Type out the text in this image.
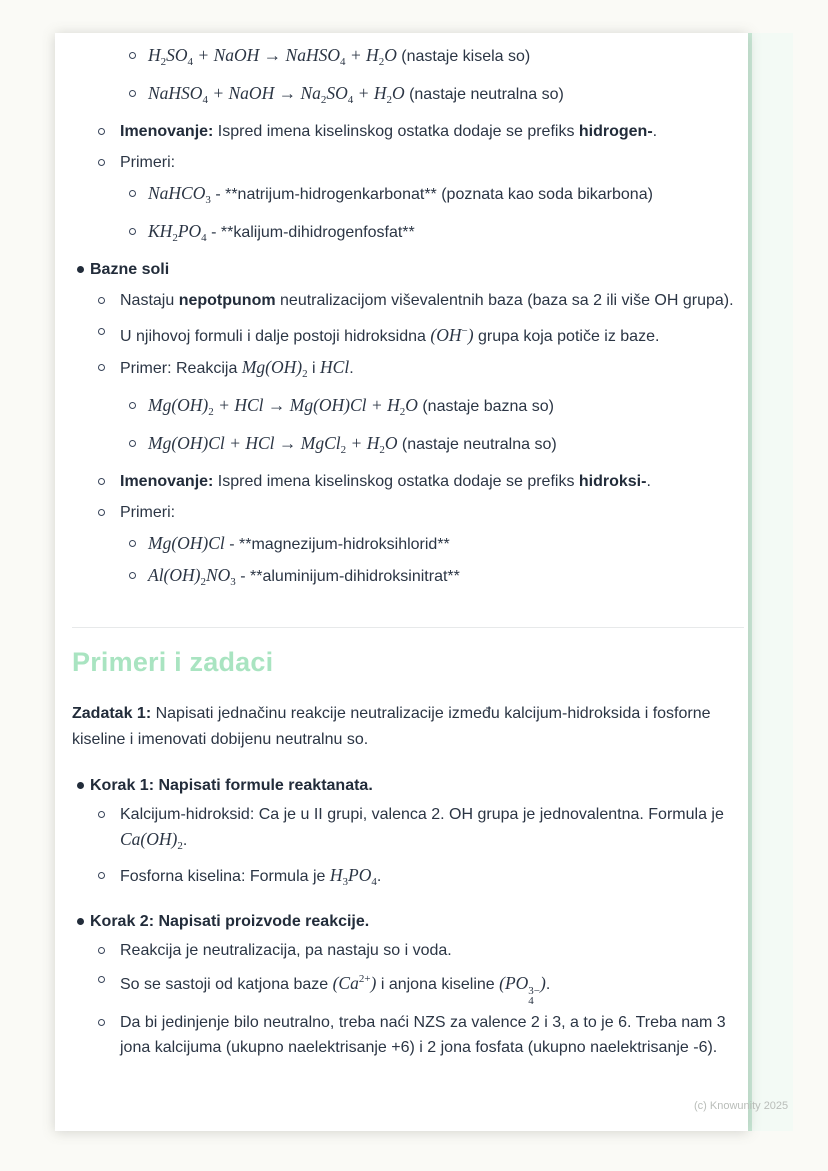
$H_2SO_4$ + NaOH → NaHSO$_4$ + $H_2O$ (nastaje kisela so)
NaHSO$_4$ + NaOH → $Na_2SO_4 + H_2O$ (nastaje neutralna so)
Imenovanje: Ispred imena kiselinskog ostatka dodaje se prefiks hidrogen-.
Primeri:
NaHCO$_3$ - **natrijum-hidrogenkarbonat** (poznata kao soda bikarbona)
$KH_2PO_4$ - **kalijum-dihidrogenfosfat**
Bazne soli
Nastaju nepotpunom neutralizacijom viševalentnih baza (baza sa 2 ili više OH grupa).
U njihovoj formuli i dalje postoji hidroksidna (OH−) grupa koja potiče iz baze.
Primer: Reakcija $Mg(OH)_2$ i HCl.
$Mg(OH)_2$ + HCl → $Mg(OH)Cl + H_2O$ (nastaje bazna so)
Mg(OH)Cl + HCl → MgCl$_2$ + $H_2O$ (nastaje neutralna so)
Imenovanje: Ispred imena kiselinskog ostatka dodaje se prefiks hidroksi-.
Primeri:
Mg(OH)Cl - **magnezijum-hidroksihlorid**
$Al(OH)_2NO_3$ - **aluminijum-dihidroksinitrat**
Primeri i zadaci

Zadatak 1: Napisati jednačinu reakcije neutralizacije između kalcijum-hidroksida i fosforne kiseline i imenovati dobijenu neutralnu so.

Korak 1: Napisati formule reaktanata.
Kalcijum-hidroksid: Ca je u II grupi, valenca 2. OH grupa je jednovalentna. Formula je $Ca(OH)_2$.
Fosforna kiselina: Formula je $H_3PO_4$.
Korak 2: Napisati proizvode reakcije.
Reakcija je neutralizacija, pa nastaju so i voda.
So se sastoji od katjona baze $(Ca^{2+})$ i anjona kiseline (PO 3−
4
).
Da bi jedinjenje bilo neutralno, treba naći NZS za valence 2 i 3, a to je 6. Treba nam 3 jona kalcijuma (ukupno naelektrisanje +6) i 2 jona fosfata (ukupno naelektrisanje -6).
(c) Knowunity 2025
